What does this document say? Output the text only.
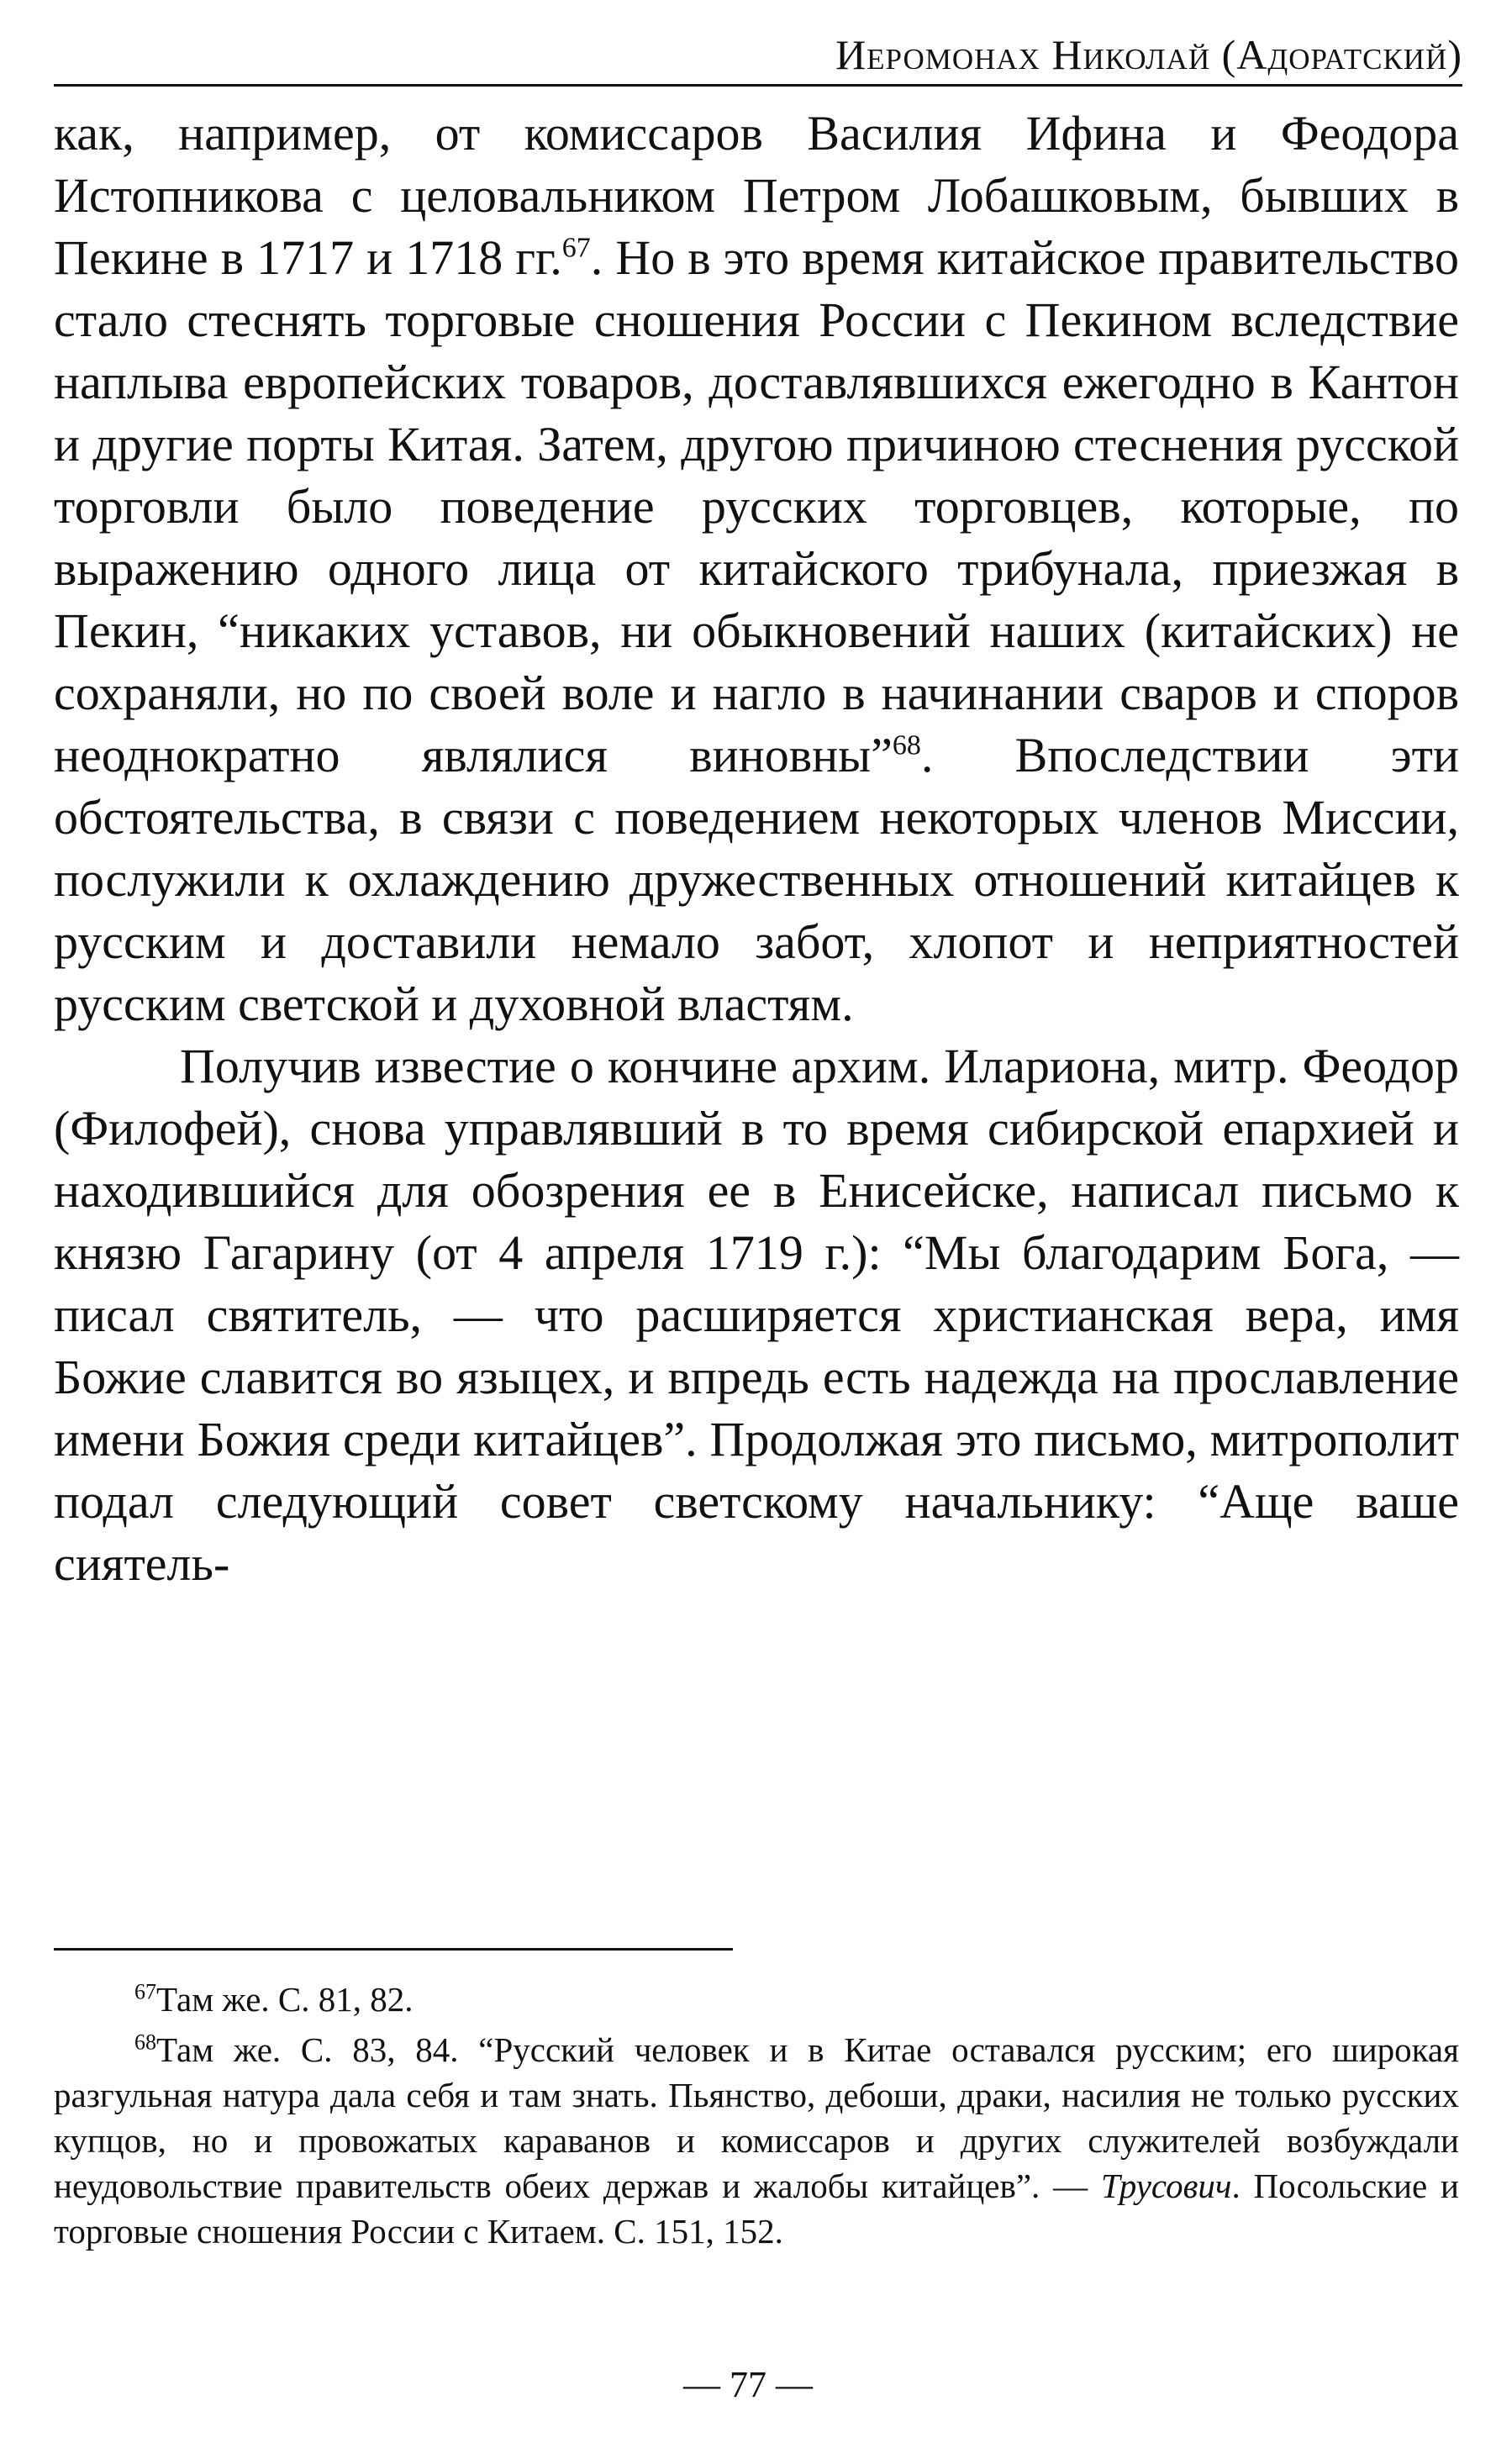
Иеромонах Николай (Адоратский)

как, например, от комиссаров Василия Ифина и Феодора Истопникова с целовальником Петром Лобашковым, бывших в Пекине в 1717 и 1718 гг.$^{67}$. Но в это время китайское правительство стало стеснять торговые сношения России с Пекином вследствие наплыва европейских товаров, доставлявшихся ежегодно в Кантон и другие порты Китая. Затем, другою причиною стеснения русской торговли было поведение русских торговцев, которые, по выражению одного лица от китайского трибунала, приезжая в Пекин, “никаких уставов, ни обыкновений наших (китайских) не сохраняли, но по своей воле и нагло в начинании сваров и споров неоднократно являлися виновны”$^{68}$. Впоследствии эти обстоятельства, в связи с поведением некоторых членов Миссии, послужили к охлаждению дружественных отношений китайцев к русским и доставили немало забот, хлопот и неприятностей русским светской и духовной властям.

Получив известие о кончине архим. Илариона, митр. Феодор (Филофей), снова управлявший в то время сибирской епархией и находившийся для обозрения ее в Енисейске, написал письмо к князю Гагарину (от 4 апреля 1719 г.): “Мы благодарим Бога, — писал святитель, — что расширяется христианская вера, имя Божие славится во языцех, и впредь есть надежда на прославление имени Божия среди китайцев”. Продолжая это письмо, митрополит подал следующий совет светскому начальнику: “Аще ваше сиятель-

$^{67}$Там же. С. 81, 82.

$^{68}$Там же. С. 83, 84. “Русский человек и в Китае оставался русским; его широкая разгульная натура дала себя и там знать. Пьянство, дебоши, драки, насилия не только русских купцов, но и провожатых караванов и комиссаров и других служителей возбуждали неудовольствие правительств обеих держав и жалобы китайцев”. — Трусович. Посольские и торговые сношения России с Китаем. С. 151, 152.

— 77 —
